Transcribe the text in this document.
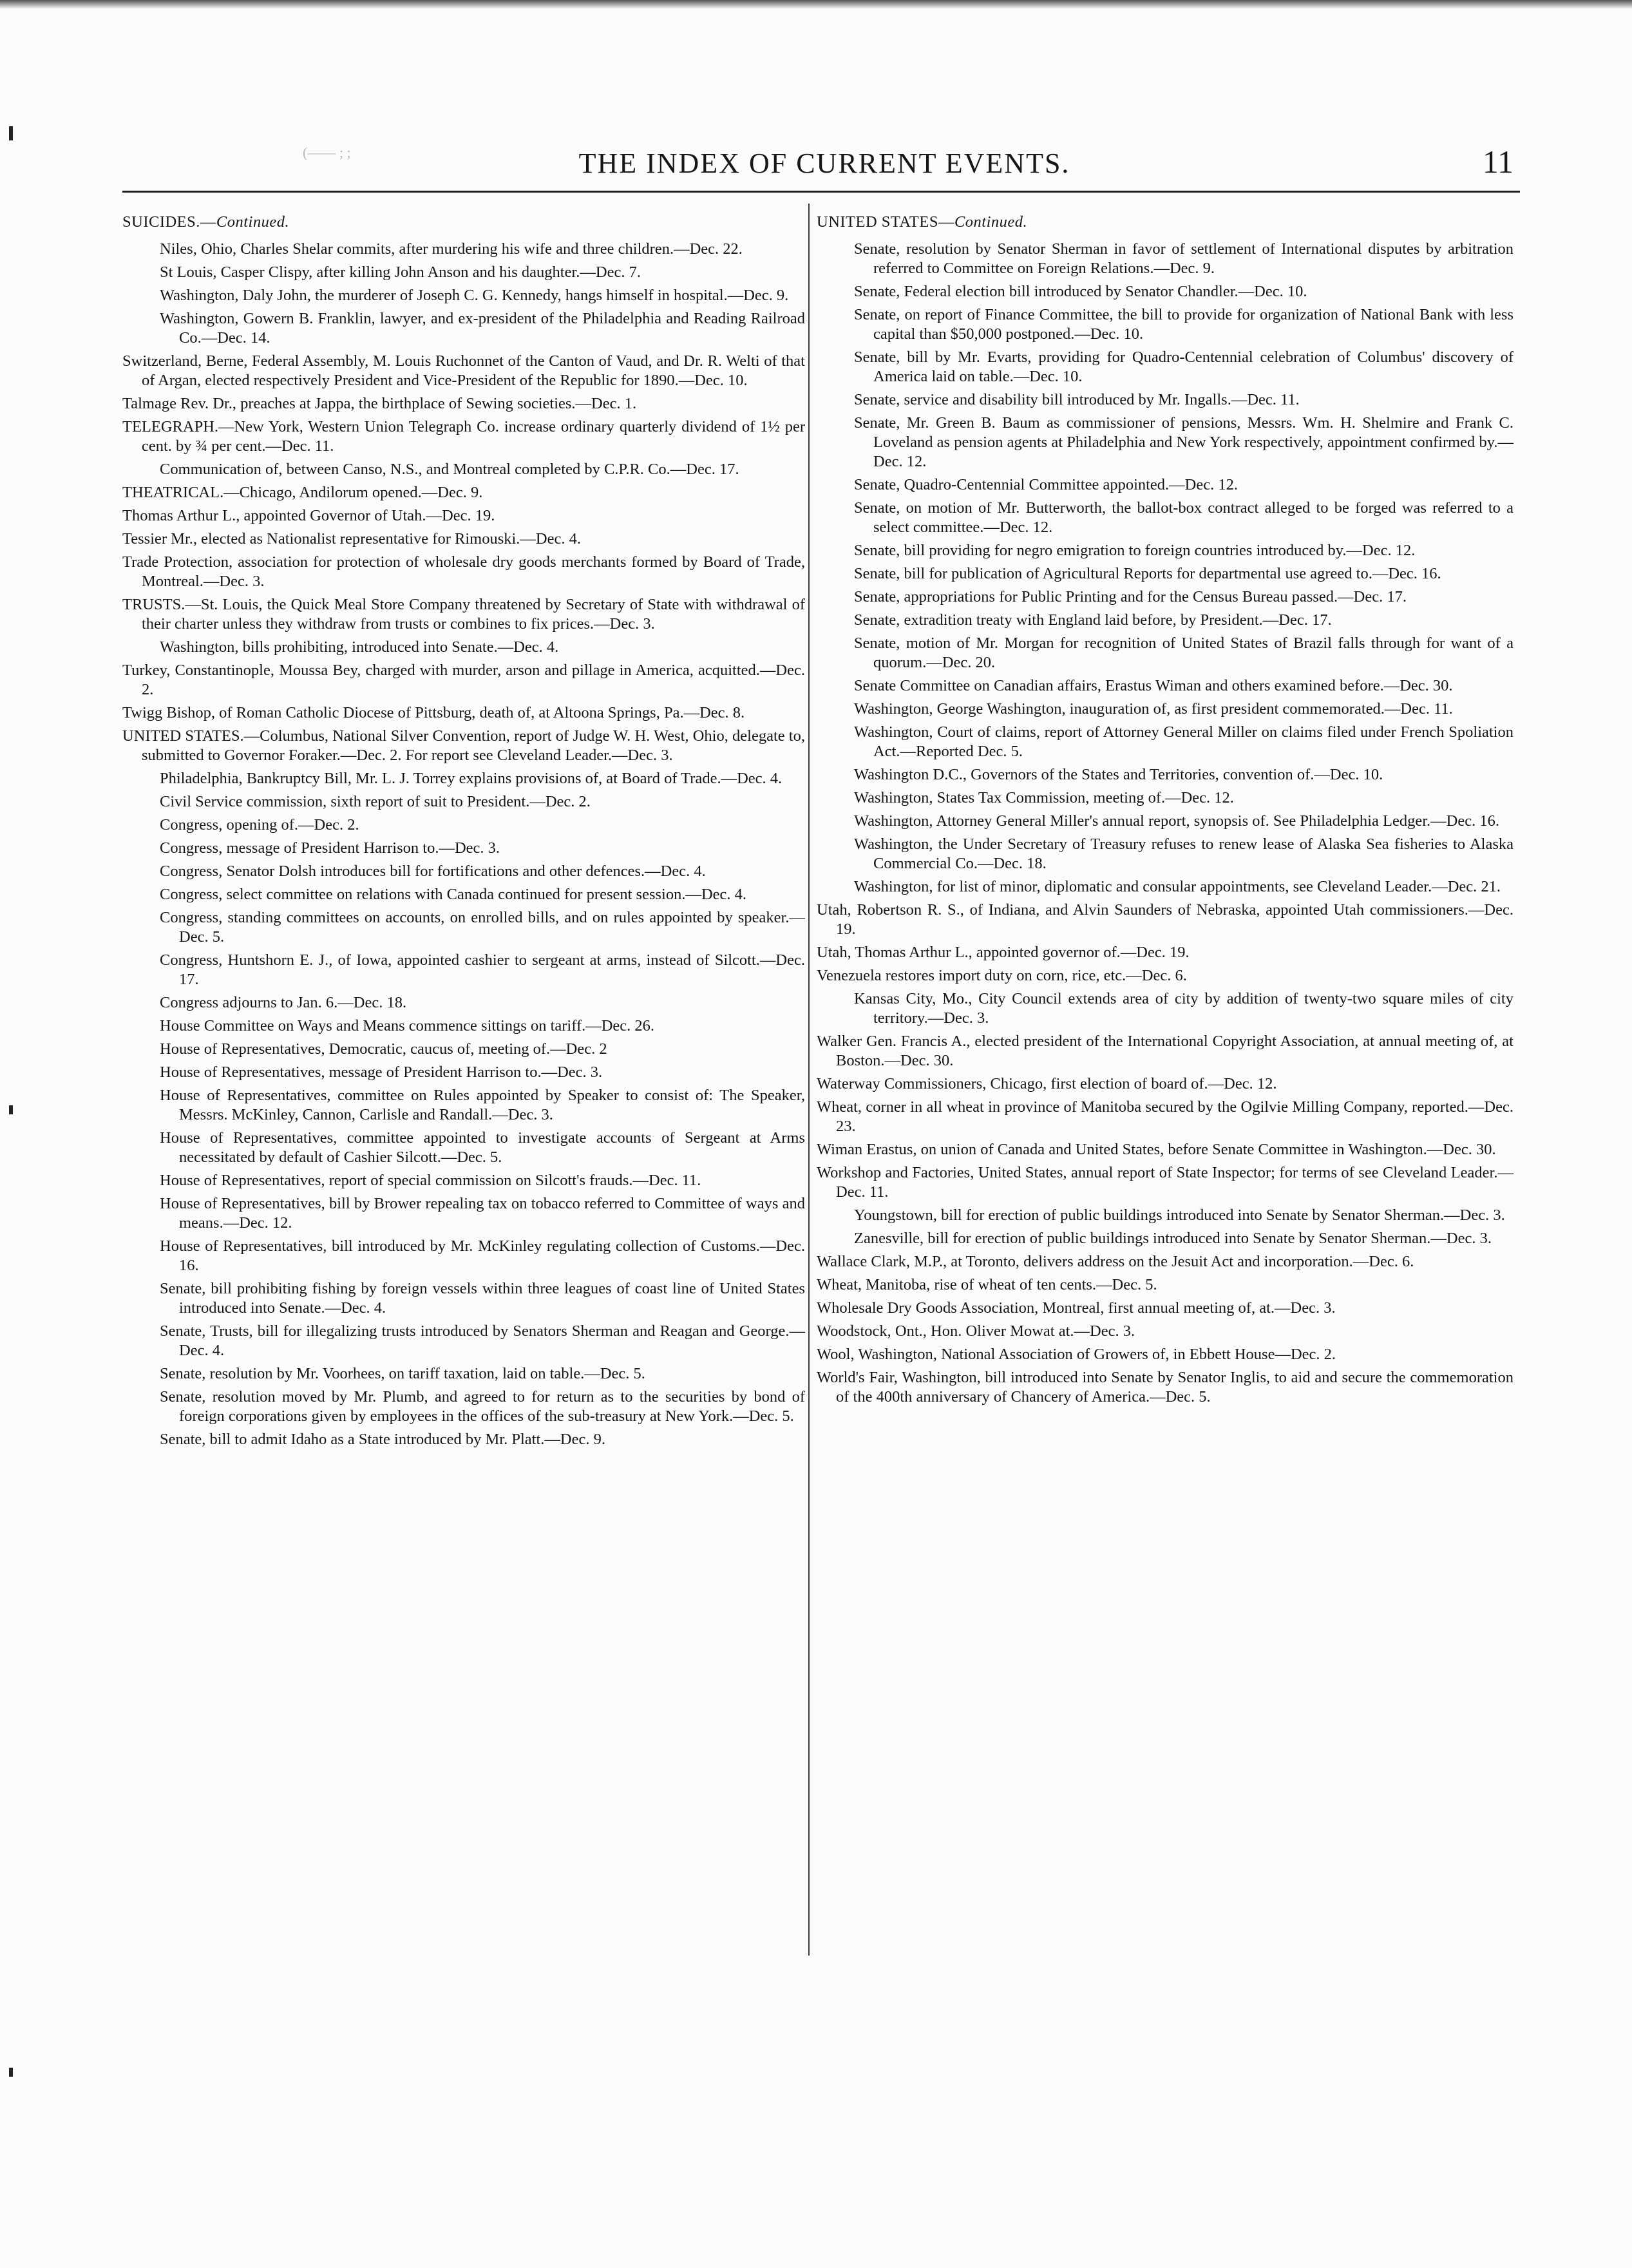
(—— ; ;	THE INDEX OF CURRENT EVENTS.	11
SUICIDES.—Continued.

Niles, Ohio, Charles Shelar commits, after murdering his wife and three children.—Dec. 22.

St Louis, Casper Clispy, after killing John Anson and his daughter.—Dec. 7.

Washington, Daly John, the murderer of Joseph C. G. Kennedy, hangs himself in hospital.—Dec. 9.

Washington, Gowern B. Franklin, lawyer, and ex-president of the Philadelphia and Reading Railroad Co.—Dec. 14.

Switzerland, Berne, Federal Assembly, M. Louis Ruchonnet of the Canton of Vaud, and Dr. R. Welti of that of Argan, elected respectively President and Vice-President of the Republic for 1890.—Dec. 10.

Talmage Rev. Dr., preaches at Jappa, the birthplace of Sewing societies.—Dec. 1.

TELEGRAPH.—New York, Western Union Telegraph Co. increase ordinary quarterly dividend of 1½ per cent. by ¾ per cent.—Dec. 11.

Communication of, between Canso, N.S., and Montreal completed by C.P.R. Co.—Dec. 17.

THEATRICAL.—Chicago, Andilorum opened.—Dec. 9.

Thomas Arthur L., appointed Governor of Utah.—Dec. 19.

Tessier Mr., elected as Nationalist representative for Rimouski.—Dec. 4.

Trade Protection, association for protection of wholesale dry goods merchants formed by Board of Trade, Montreal.—Dec. 3.

TRUSTS.—St. Louis, the Quick Meal Store Company threatened by Secretary of State with withdrawal of their charter unless they withdraw from trusts or combines to fix prices.—Dec. 3.

Washington, bills prohibiting, introduced into Senate.—Dec. 4.

Turkey, Constantinople, Moussa Bey, charged with murder, arson and pillage in America, acquitted.—Dec. 2.

Twigg Bishop, of Roman Catholic Diocese of Pittsburg, death of, at Altoona Springs, Pa.—Dec. 8.

UNITED STATES.—Columbus, National Silver Convention, report of Judge W. H. West, Ohio, delegate to, submitted to Governor Foraker.—Dec. 2. For report see Cleveland Leader.—Dec. 3.

Philadelphia, Bankruptcy Bill, Mr. L. J. Torrey explains provisions of, at Board of Trade.—Dec. 4.

Civil Service commission, sixth report of suit to President.—Dec. 2.

Congress, opening of.—Dec. 2.

Congress, message of President Harrison to.—Dec. 3.

Congress, Senator Dolsh introduces bill for fortifications and other defences.—Dec. 4.

Congress, select committee on relations with Canada continued for present session.—Dec. 4.

Congress, standing committees on accounts, on enrolled bills, and on rules appointed by speaker.—Dec. 5.

Congress, Huntshorn E. J., of Iowa, appointed cashier to sergeant at arms, instead of Silcott.—Dec. 17.

Congress adjourns to Jan. 6.—Dec. 18.

House Committee on Ways and Means commence sittings on tariff.—Dec. 26.

House of Representatives, Democratic, caucus of, meeting of.—Dec. 2

House of Representatives, message of President Harrison to.—Dec. 3.

House of Representatives, committee on Rules appointed by Speaker to consist of: The Speaker, Messrs. McKinley, Cannon, Carlisle and Randall.—Dec. 3.

House of Representatives, committee appointed to investigate accounts of Sergeant at Arms necessitated by default of Cashier Silcott.—Dec. 5.

House of Representatives, report of special commission on Silcott's frauds.—Dec. 11.

House of Representatives, bill by Brower repealing tax on tobacco referred to Committee of ways and means.—Dec. 12.

House of Representatives, bill introduced by Mr. McKinley regulating collection of Customs.—Dec. 16.

Senate, bill prohibiting fishing by foreign vessels within three leagues of coast line of United States introduced into Senate.—Dec. 4.

Senate, Trusts, bill for illegalizing trusts introduced by Senators Sherman and Reagan and George.—Dec. 4.

Senate, resolution by Mr. Voorhees, on tariff taxation, laid on table.—Dec. 5.

Senate, resolution moved by Mr. Plumb, and agreed to for return as to the securities by bond of foreign corporations given by employees in the offices of the sub-treasury at New York.—Dec. 5.

Senate, bill to admit Idaho as a State introduced by Mr. Platt.—Dec. 9.

UNITED STATES—Continued.

Senate, resolution by Senator Sherman in favor of settlement of International disputes by arbitration referred to Committee on Foreign Relations.—Dec. 9.

Senate, Federal election bill introduced by Senator Chandler.—Dec. 10.

Senate, on report of Finance Committee, the bill to provide for organization of National Bank with less capital than $50,000 postponed.—Dec. 10.

Senate, bill by Mr. Evarts, providing for Quadro-Centennial celebration of Columbus' discovery of America laid on table.—Dec. 10.

Senate, service and disability bill introduced by Mr. Ingalls.—Dec. 11.

Senate, Mr. Green B. Baum as commissioner of pensions, Messrs. Wm. H. Shelmire and Frank C. Loveland as pension agents at Philadelphia and New York respectively, appointment confirmed by.—Dec. 12.

Senate, Quadro-Centennial Committee appointed.—Dec. 12.

Senate, on motion of Mr. Butterworth, the ballot-box contract alleged to be forged was referred to a select committee.—Dec. 12.

Senate, bill providing for negro emigration to foreign countries introduced by.—Dec. 12.

Senate, bill for publication of Agricultural Reports for departmental use agreed to.—Dec. 16.

Senate, appropriations for Public Printing and for the Census Bureau passed.—Dec. 17.

Senate, extradition treaty with England laid before, by President.—Dec. 17.

Senate, motion of Mr. Morgan for recognition of United States of Brazil falls through for want of a quorum.—Dec. 20.

Senate Committee on Canadian affairs, Erastus Wiman and others examined before.—Dec. 30.

Washington, George Washington, inauguration of, as first president commemorated.—Dec. 11.

Washington, Court of claims, report of Attorney General Miller on claims filed under French Spoliation Act.—Reported Dec. 5.

Washington D.C., Governors of the States and Territories, convention of.—Dec. 10.

Washington, States Tax Commission, meeting of.—Dec. 12.

Washington, Attorney General Miller's annual report, synopsis of. See Philadelphia Ledger.—Dec. 16.

Washington, the Under Secretary of Treasury refuses to renew lease of Alaska Sea fisheries to Alaska Commercial Co.—Dec. 18.

Washington, for list of minor, diplomatic and consular appointments, see Cleveland Leader.—Dec. 21.

Utah, Robertson R. S., of Indiana, and Alvin Saunders of Nebraska, appointed Utah commissioners.—Dec. 19.

Utah, Thomas Arthur L., appointed governor of.—Dec. 19.

Venezuela restores import duty on corn, rice, etc.—Dec. 6.

Kansas City, Mo., City Council extends area of city by addition of twenty-two square miles of city territory.—Dec. 3.

Walker Gen. Francis A., elected president of the International Copyright Association, at annual meeting of, at Boston.—Dec. 30.

Waterway Commissioners, Chicago, first election of board of.—Dec. 12.

Wheat, corner in all wheat in province of Manitoba secured by the Ogilvie Milling Company, reported.—Dec. 23.

Wiman Erastus, on union of Canada and United States, before Senate Committee in Washington.—Dec. 30.

Workshop and Factories, United States, annual report of State Inspector; for terms of see Cleveland Leader.—Dec. 11.

Youngstown, bill for erection of public buildings introduced into Senate by Senator Sherman.—Dec. 3.

Zanesville, bill for erection of public buildings introduced into Senate by Senator Sherman.—Dec. 3.

Wallace Clark, M.P., at Toronto, delivers address on the Jesuit Act and incorporation.—Dec. 6.

Wheat, Manitoba, rise of wheat of ten cents.—Dec. 5.

Wholesale Dry Goods Association, Montreal, first annual meeting of, at.—Dec. 3.

Woodstock, Ont., Hon. Oliver Mowat at.—Dec. 3.

Wool, Washington, National Association of Growers of, in Ebbett House—Dec. 2.

World's Fair, Washington, bill introduced into Senate by Senator Inglis, to aid and secure the commemoration of the 400th anniversary of Chancery of America.—Dec. 5.
